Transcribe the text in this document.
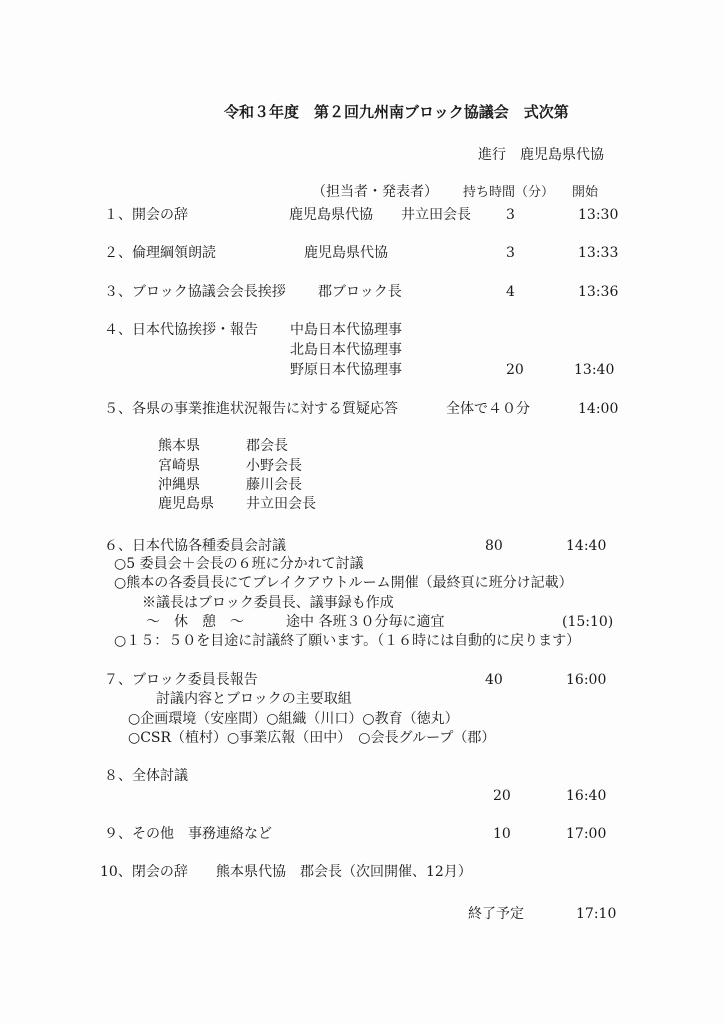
令和３年度　第２回九州南ブロック協議会　式次第
進行　鹿児島県代協
（担当者・発表者） 持ち時間（分） 開始
１、開会の辞	鹿児島県代協　　井立田会長	3	13:30
２、倫理綱領朗読	鹿児島県代協	3	13:33
３、ブロック協議会会長挨拶 郡ブロック長	4	13:36
４、日本代協挨拶・報告 中島日本代協理事
北島日本代協理事
野原日本代協理事	20	13:40
５、各県の事業推進状況報告に対する質疑応答	全体で４０分	14:00
熊本県	郡会長
宮崎県	小野会長
沖縄県	藤川会長
鹿児島県 井立田会長
６、日本代協各種委員会討議	80	14:40
○5 委員会＋会長の６班に分かれて討議
○熊本の各委員長にてブレイクアウトルーム開催（最終頁に班分け記載）
※議長はブロック委員長、議事録も作成
～　休　憩　～	途中 各班３０分毎に適宜	(15:10)
○１５：５０を目途に討議終了願います。（１６時には自動的に戻ります）
７、ブロック委員長報告	40	16:00
討議内容とブロックの主要取組
○企画環境（安座間）○組織（川口）○教育（徳丸）
○CSR（植村）○事業広報（田中）　○会長グループ（郡）
８、全体討議
20	16:40
９、その他　事務連絡など	10	17:00
10、閉会の辞 熊本県代協　郡会長（次回開催、12月）
終了予定	17:10
